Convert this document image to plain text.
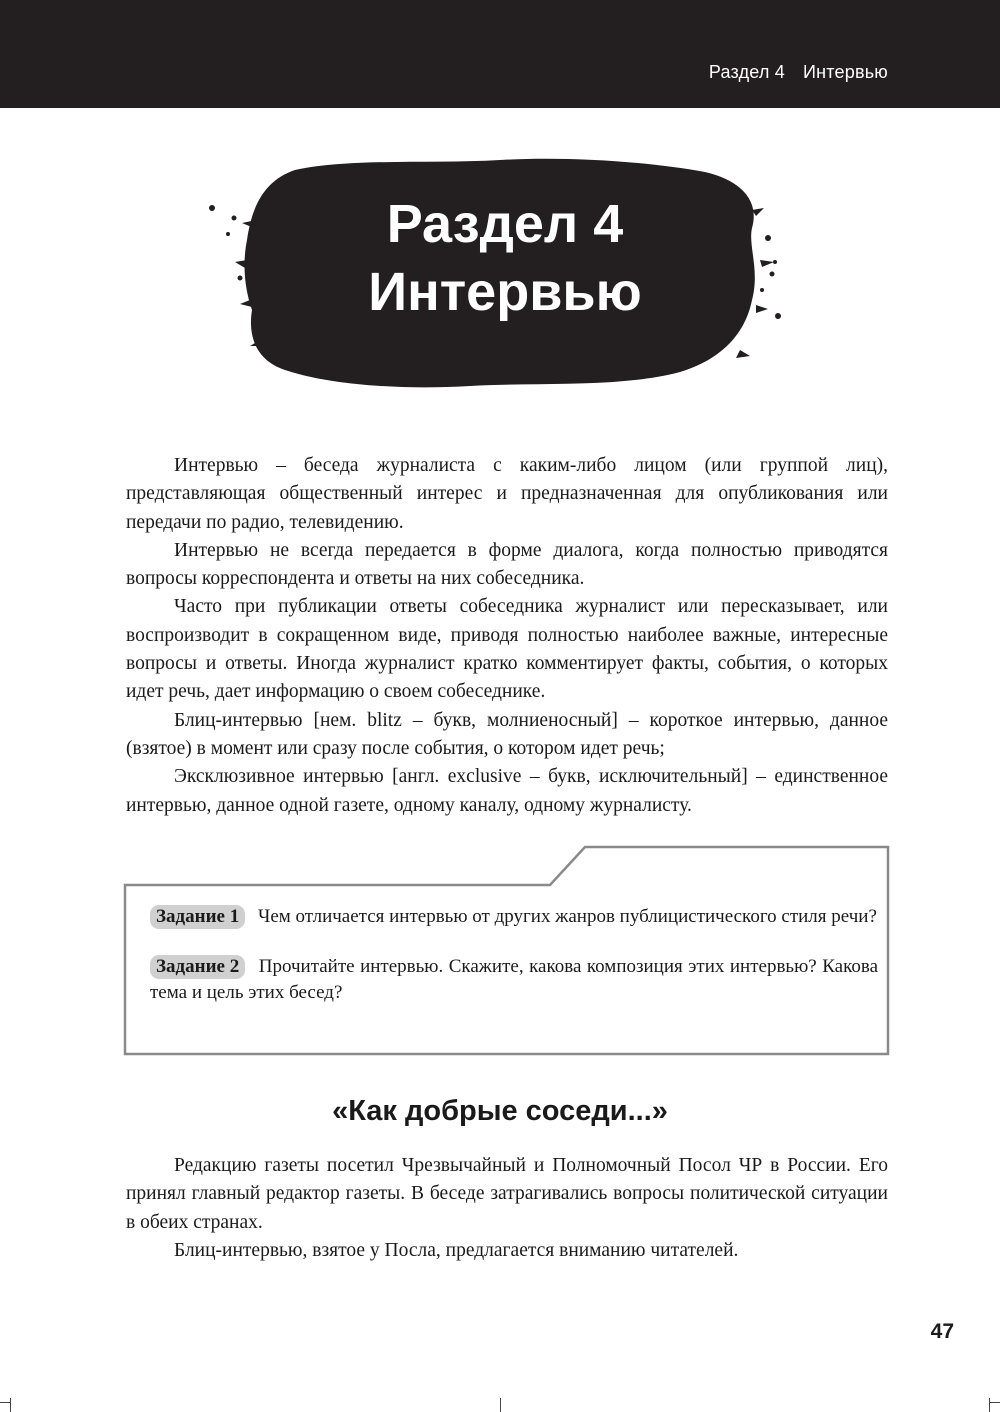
Раздел 4 Интервью
Раздел 4
Интервью

Интервью – беседа журналиста с каким-либо лицом (или группой лиц), представляющая общественный интерес и предназначенная для опубликования или передачи по радио, телевидению.

Интервью не всегда передается в форме диалога, когда полностью приводятся вопросы корреспондента и ответы на них собеседника.

Часто при публикации ответы собеседника журналист или пересказывает, или воспроизводит в сокращенном виде, приводя полностью наиболее важные, интересные вопросы и ответы. Иногда журналист кратко комментирует факты, события, о которых идет речь, дает информацию о своем собеседнике.

Блиц-интервью [нем. blitz – букв, молниеносный] – короткое интервью, данное (взятое) в момент или сразу после события, о котором идет речь;

Эксклюзивное интервью [англ. exclusive – букв, исключительный] – единственное интервью, данное одной газете, одному каналу, одному журналисту.

Задание 1 Чем отличается интервью от других жанров публицистического стиля речи?

Задание 2 Прочитайте интервью. Скажите, какова композиция этих интервью? Какова тема и цель этих бесед?

«Как добрые соседи...»

Редакцию газеты посетил Чрезвычайный и Полномочный Посол ЧР в России. Его принял главный редактор газеты. В беседе затрагивались вопросы политической ситуации в обеих странах.

Блиц-интервью, взятое у Посла, предлагается вниманию читателей.

47
